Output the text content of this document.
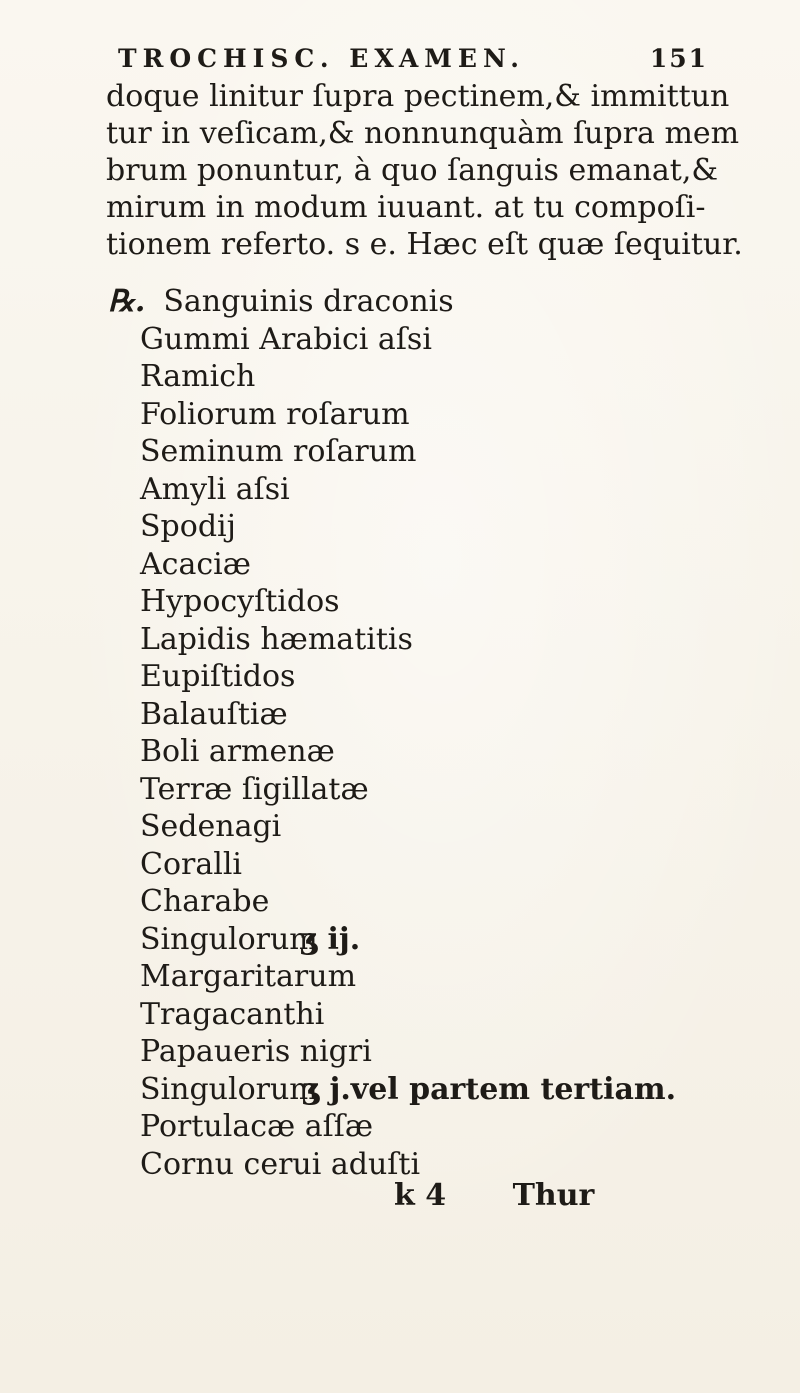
TROCHISC. EXAMEN.	151
doque linitur ſupra pectinem,& immittun
tur in veſicam,& nonnunquàm ſupra mem
brum ponuntur, à quo ſanguis emanat,&
mirum in modum iuuant. at tu compoſi-
tionem referto. s e. Hæc eſt quæ ſequitur.
℞. Sanguinis draconis
Gummi Arabici aſsi
Ramich
Foliorum roſarum
Seminum roſarum
Amyli aſsi
Spodij
Acaciæ
Hypocyſtidos
Lapidis hæmatitis
Eupiſtidos
Balauſtiæ
Boli armenæ
Terræ ſigillatæ
Sedenagi
Coralli
Charabe
Singulorum
ʒ ij.
Margaritarum
Tragacanthi
Papaueris nigri
Singulorum
ʒ j.vel partem tertiam.
Portulacæ aſſæ
Cornu cerui aduſti
k 4 Thur
